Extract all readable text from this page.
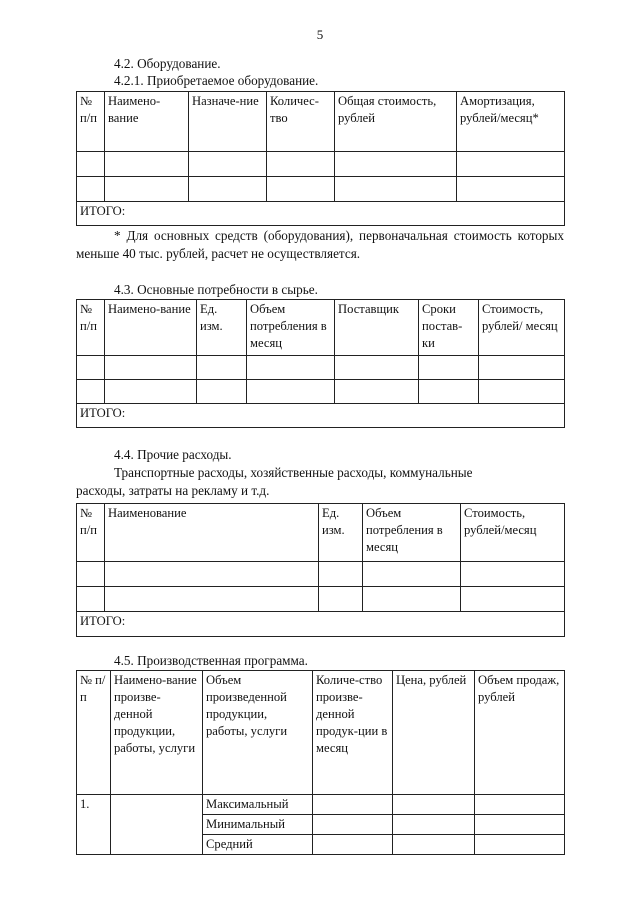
5
4.2. Оборудование.
4.2.1. Приобретаемое оборудование.
№ п/п	Наимено-вание	Назначе-ние	Количес-тво	Общая стоимость, рублей	Амортизация, рублей/месяц*

ИТОГО:					
* Для основных средств (оборудования), первоначальная стоимость которых меньше 40 тыс. рублей, расчет не осуществляется.
4.3. Основные потребности в сырье.
№ п/п	Наимено-вание	Ед. изм.	Объем потребления в месяц	Поставщик	Сроки постав-ки	Стоимость, рублей/ месяц

ИТОГО:						
4.4. Прочие расходы.
Транспортные расходы, хозяйственные расходы, коммунальные
расходы, затраты на рекламу и т.д.
№ п/п	Наименование	Ед. изм.	Объем потребления в месяц	Стоимость, рублей/месяц

ИТОГО:				
4.5. Производственная программа.
№ п/п	Наимено-вание произве-денной продукции, работы, услуги	Объем произведенной продукции, работы, услуги	Количе-ство произве-денной продук-ции в месяц	Цена, рублей	Объем продаж, рублей
1.		Максимальный			
		Минимальный			
		Средний			
